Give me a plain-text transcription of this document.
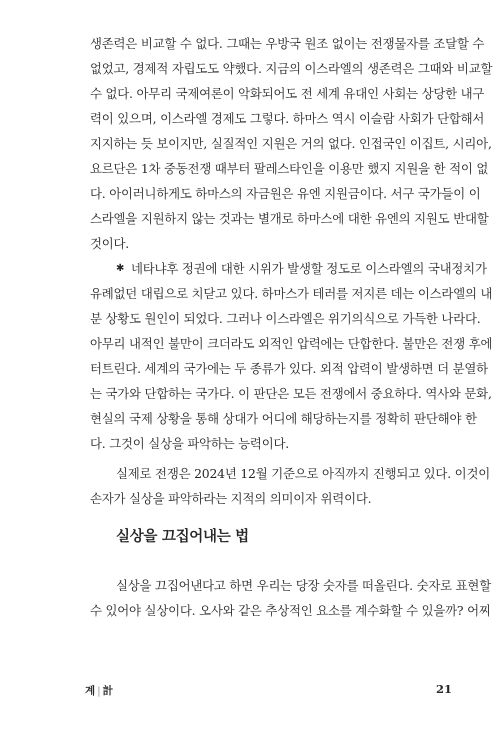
생존력은 비교할 수 없다. 그때는 우방국 원조 없이는 전쟁물자를 조달할 수
없었고, 경제적 자립도도 약했다. 지금의 이스라엘의 생존력은 그때와 비교할
수 없다. 아무리 국제여론이 악화되어도 전 세계 유대인 사회는 상당한 내구
력이 있으며, 이스라엘 경제도 그렇다. 하마스 역시 이슬람 사회가 단합해서
지지하는 듯 보이지만, 실질적인 지원은 거의 없다. 인접국인 이집트, 시리아,
요르단은 1차 중동전쟁 때부터 팔레스타인을 이용만 했지 지원을 한 적이 없
다. 아이러니하게도 하마스의 자금원은 유엔 지원금이다. 서구 국가들이 이
스라엘을 지원하지 않는 것과는 별개로 하마스에 대한 유엔의 지원도 반대할
것이다.
✱ 네타냐후 정권에 대한 시위가 발생할 정도로 이스라엘의 국내정치가
유례없던 대립으로 치닫고 있다. 하마스가 테러를 저지른 데는 이스라엘의 내
분 상황도 원인이 되었다. 그러나 이스라엘은 위기의식으로 가득한 나라다.
아무리 내적인 불만이 크더라도 외적인 압력에는 단합한다. 불만은 전쟁 후에
터트린다. 세계의 국가에는 두 종류가 있다. 외적 압력이 발생하면 더 분열하
는 국가와 단합하는 국가다. 이 판단은 모든 전쟁에서 중요하다. 역사와 문화,
현실의 국제 상황을 통해 상대가 어디에 해당하는지를 정확히 판단해야 한
다. 그것이 실상을 파악하는 능력이다.
실제로 전쟁은 2024년 12월 기준으로 아직까지 진행되고 있다. 이것이
손자가 실상을 파악하라는 지적의 의미이자 위력이다.
실상을 끄집어내는 법
실상을 끄집어낸다고 하면 우리는 당장 숫자를 떠올린다. 숫자로 표현할
수 있어야 실상이다. 오사와 같은 추상적인 요소를 계수화할 수 있을까? 어찌
계 | 計	21
